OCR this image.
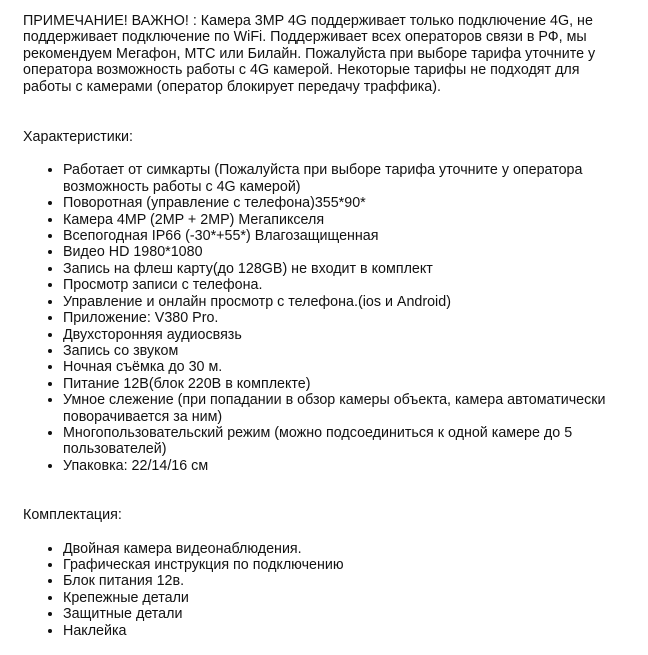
ПРИМЕЧАНИЕ! ВАЖНО! : Камера 3MP 4G поддерживает только подключение 4G, не поддерживает подключение по WiFi. Поддерживает всех операторов связи в РФ, мы рекомендуем Мегафон, МТС или Билайн. Пожалуйста при выборе тарифа уточните у оператора возможность работы с 4G камерой. Некоторые тарифы не подходят для работы с камерами (оператор блокирует передачу траффика).

Характеристики:

• Работает от симкарты (Пожалуйста при выборе тарифа уточните у оператора возможность работы с 4G камерой)
• Поворотная (управление с телефона)355*90*
• Камера 4MP (2MP + 2MP) Мегапикселя
• Всепогодная IP66 (-30*+55*) Влагозащищенная
• Видео HD 1980*1080
• Запись на флеш карту(до 128GB) не входит в комплект
• Просмотр записи с телефона.
• Управление и онлайн просмотр с телефона.(ios и Android)
• Приложение: V380 Pro.
• Двухсторонняя аудиосвязь
• Запись со звуком
• Ночная съёмка до 30 м.
• Питание 12В(блок 220В в комплекте)
• Умное слежение (при попадании в обзор камеры объекта, камера автоматически поворачивается за ним)
• Многопользовательский режим (можно подсоединиться к одной камере до 5 пользователей)
• Упаковка: 22/14/16 см

Комплектация:

• Двойная камера видеонаблюдения.
• Графическая инструкция по подключению
• Блок питания 12в.
• Крепежные детали
• Защитные детали
• Наклейка
